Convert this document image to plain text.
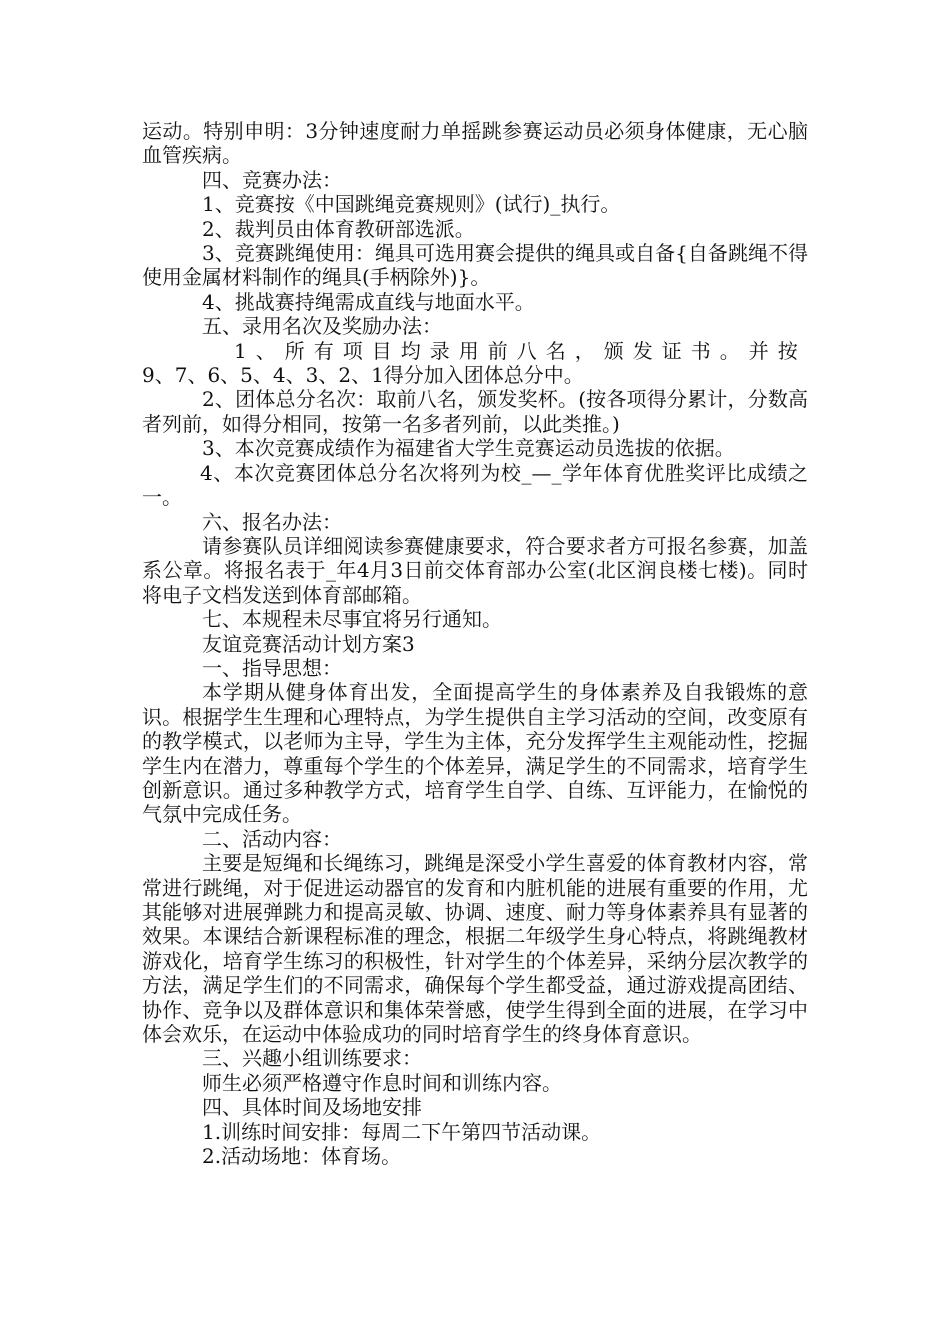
运动。特别申明：3分钟速度耐力单摇跳参赛运动员必须身体健康，无心脑血管疾病。

四、竞赛办法：

1、竞赛按《中国跳绳竞赛规则》(试行)_执行。

2、裁判员由体育教研部选派。

3、竞赛跳绳使用：绳具可选用赛会提供的绳具或自备{自备跳绳不得使用金属材料制作的绳具(手柄除外)}。

4、挑战赛持绳需成直线与地面水平。

五、录用名次及奖励办法：

1、所有项目均录用前八名，颁发证书。并按

9、7、6、5、4、3、2、1得分加入团体总分中。

2、团体总分名次：取前八名，颁发奖杯。(按各项得分累计，分数高者列前，如得分相同，按第一名多者列前，以此类推。)

3、本次竞赛成绩作为福建省大学生竞赛运动员选拔的依据。

4、本次竞赛团体总分名次将列为校_—_学年体育优胜奖评比成绩之一。

六、报名办法：

请参赛队员详细阅读参赛健康要求，符合要求者方可报名参赛，加盖系公章。将报名表于_年4月3日前交体育部办公室(北区润良楼七楼)。同时将电子文档发送到体育部邮箱。

七、本规程未尽事宜将另行通知。

友谊竞赛活动计划方案3

一、指导思想：

本学期从健身体育出发，全面提高学生的身体素养及自我锻炼的意识。根据学生生理和心理特点，为学生提供自主学习活动的空间，改变原有的教学模式，以老师为主导，学生为主体，充分发挥学生主观能动性，挖掘学生内在潜力，尊重每个学生的个体差异，满足学生的不同需求，培育学生创新意识。通过多种教学方式，培育学生自学、自练、互评能力，在愉悦的气氛中完成任务。

二、活动内容：

主要是短绳和长绳练习，跳绳是深受小学生喜爱的体育教材内容，常常进行跳绳，对于促进运动器官的发育和内脏机能的进展有重要的作用，尤其能够对进展弹跳力和提高灵敏、协调、速度、耐力等身体素养具有显著的效果。本课结合新课程标准的理念，根据二年级学生身心特点，将跳绳教材游戏化，培育学生练习的积极性，针对学生的个体差异，采纳分层次教学的方法，满足学生们的不同需求，确保每个学生都受益，通过游戏提高团结、协作、竞争以及群体意识和集体荣誉感，使学生得到全面的进展，在学习中体会欢乐，在运动中体验成功的同时培育学生的终身体育意识。

三、兴趣小组训练要求：

师生必须严格遵守作息时间和训练内容。

四、具体时间及场地安排

1.训练时间安排：每周二下午第四节活动课。

2.活动场地：体育场。
